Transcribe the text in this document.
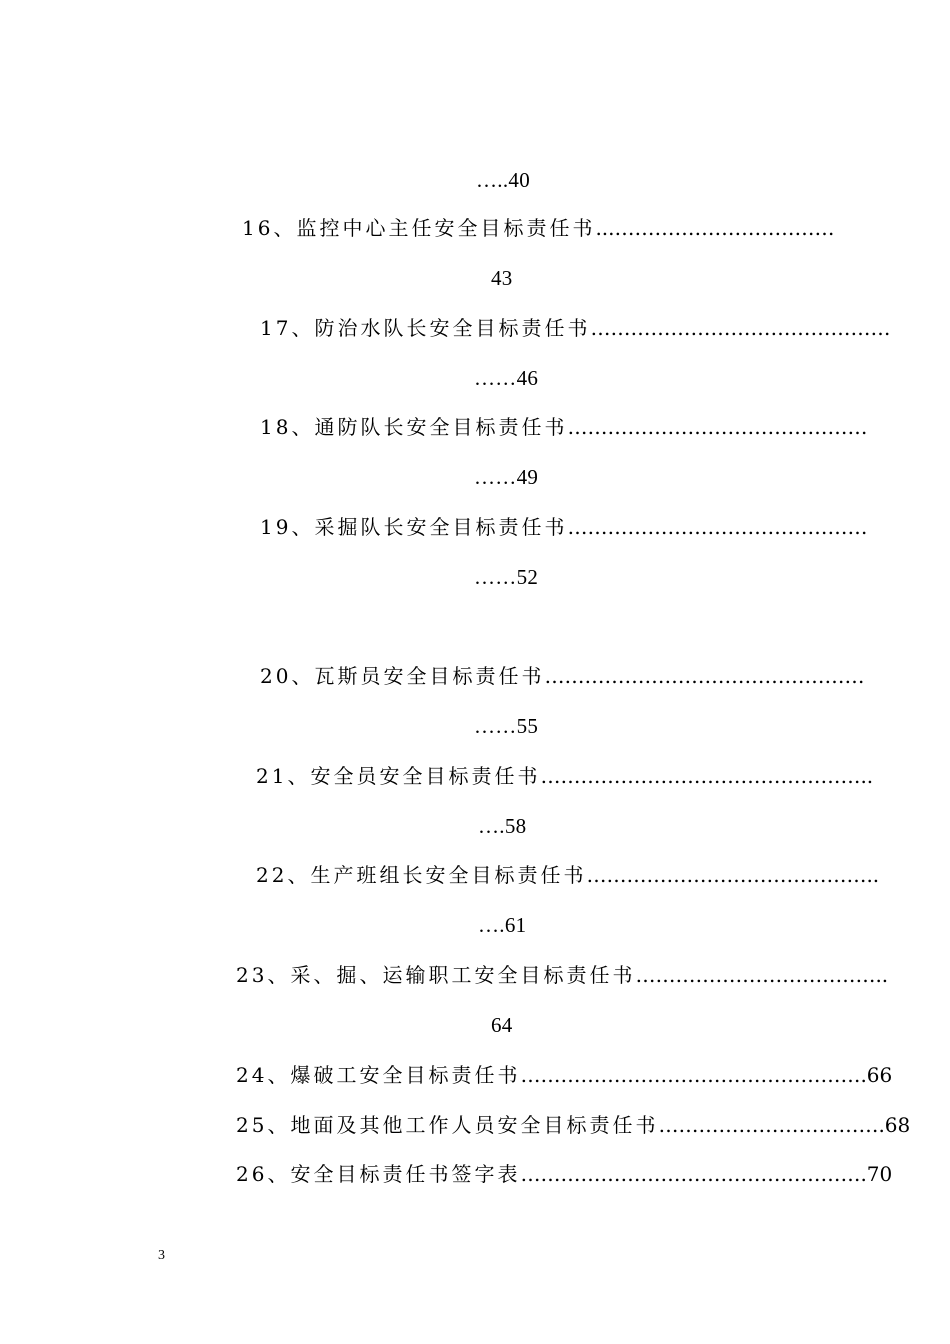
…..40
16、监控中心主任安全目标责任书...……………………………
43
17、防治水队长安全目标责任书………………………………………
……46
18、通防队长安全目标责任书………………………………………
……49
19、采掘队长安全目标责任书………………………………………
……52
20、瓦斯员安全目标责任书…………………………………………
……55
21、安全员安全目标责任书…………………………………………..
….58
22、生产班组长安全目标责任书……………………………………..
….61
23、采、掘、运输职工安全目标责任书………………………………..
64
24、爆破工安全目标责任书…………………………………………….66
25、地面及其他工作人员安全目标责任书…………………………….68
26、安全目标责任书签字表…………………………………………….70
3
